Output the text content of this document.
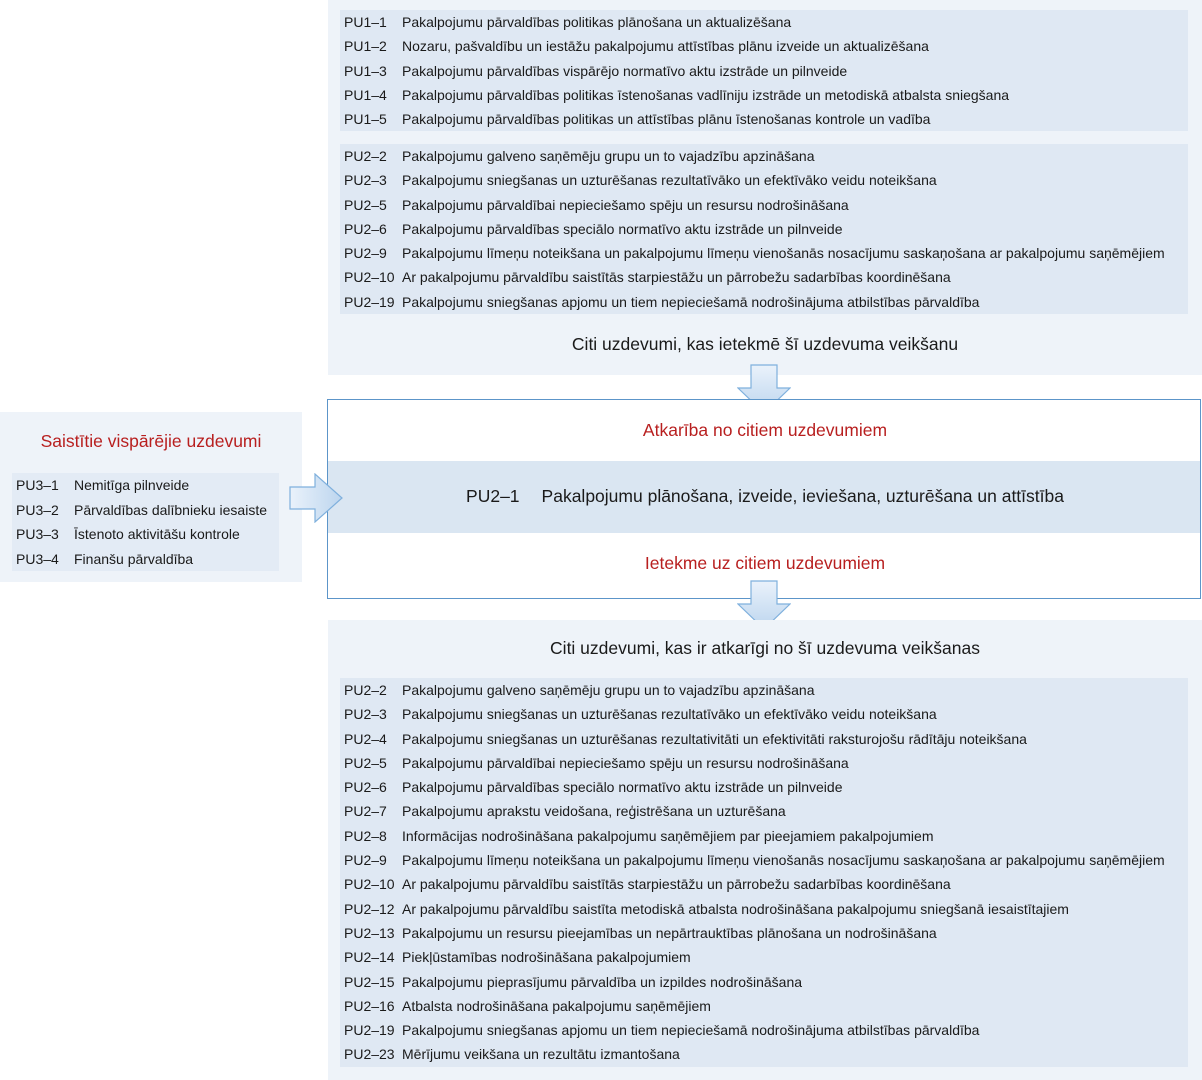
PU1–1 Pakalpojumu pārvaldības politikas plānošana un aktualizēšana
PU1–2 Nozaru, pašvaldību un iestāžu pakalpojumu attīstības plānu izveide un aktualizēšana
PU1–3 Pakalpojumu pārvaldības vispārējo normatīvo aktu izstrāde un pilnveide
PU1–4 Pakalpojumu pārvaldības politikas īstenošanas vadlīniju izstrāde un metodiskā atbalsta sniegšana
PU1–5 Pakalpojumu pārvaldības politikas un attīstības plānu īstenošanas kontrole un vadība
PU2–2 Pakalpojumu galveno saņēmēju grupu un to vajadzību apzināšana
PU2–3 Pakalpojumu sniegšanas un uzturēšanas rezultatīvāko un efektīvāko veidu noteikšana
PU2–5 Pakalpojumu pārvaldībai nepieciešamo spēju un resursu nodrošināšana
PU2–6 Pakalpojumu pārvaldības speciālo normatīvo aktu izstrāde un pilnveide
PU2–9 Pakalpojumu līmeņu noteikšana un pakalpojumu līmeņu vienošanās nosacījumu saskaņošana ar pakalpojumu saņēmējiem
PU2–10 Ar pakalpojumu pārvaldību saistītās starpiestāžu un pārrobežu sadarbības koordinēšana
PU2–19 Pakalpojumu sniegšanas apjomu un tiem nepieciešamā nodrošinājuma atbilstības pārvaldība
Citi uzdevumi, kas ietekmē šī uzdevuma veikšanu
Atkarība no citiem uzdevumiem
PU2–1 Pakalpojumu plānošana, izveide, ieviešana, uzturēšana un attīstība
Ietekme uz citiem uzdevumiem
Saistītie vispārējie uzdevumi
PU3–1 Nemitīga pilnveide
PU3–2 Pārvaldības dalībnieku iesaiste
PU3–3 Īstenoto aktivitāšu kontrole
PU3–4 Finanšu pārvaldība
Citi uzdevumi, kas ir atkarīgi no šī uzdevuma veikšanas
PU2–2 Pakalpojumu galveno saņēmēju grupu un to vajadzību apzināšana
PU2–3 Pakalpojumu sniegšanas un uzturēšanas rezultatīvāko un efektīvāko veidu noteikšana
PU2–4 Pakalpojumu sniegšanas un uzturēšanas rezultativitāti un efektivitāti raksturojošu rādītāju noteikšana
PU2–5 Pakalpojumu pārvaldībai nepieciešamo spēju un resursu nodrošināšana
PU2–6 Pakalpojumu pārvaldības speciālo normatīvo aktu izstrāde un pilnveide
PU2–7 Pakalpojumu aprakstu veidošana, reģistrēšana un uzturēšana
PU2–8 Informācijas nodrošināšana pakalpojumu saņēmējiem par pieejamiem pakalpojumiem
PU2–9 Pakalpojumu līmeņu noteikšana un pakalpojumu līmeņu vienošanās nosacījumu saskaņošana ar pakalpojumu saņēmējiem
PU2–10 Ar pakalpojumu pārvaldību saistītās starpiestāžu un pārrobežu sadarbības koordinēšana
PU2–12 Ar pakalpojumu pārvaldību saistīta metodiskā atbalsta nodrošināšana pakalpojumu sniegšanā iesaistītajiem
PU2–13 Pakalpojumu un resursu pieejamības un nepārtrauktības plānošana un nodrošināšana
PU2–14 Piekļūstamības nodrošināšana pakalpojumiem
PU2–15 Pakalpojumu pieprasījumu pārvaldība un izpildes nodrošināšana
PU2–16 Atbalsta nodrošināšana pakalpojumu saņēmējiem
PU2–19 Pakalpojumu sniegšanas apjomu un tiem nepieciešamā nodrošinājuma atbilstības pārvaldība
PU2–23 Mērījumu veikšana un rezultātu izmantošana
